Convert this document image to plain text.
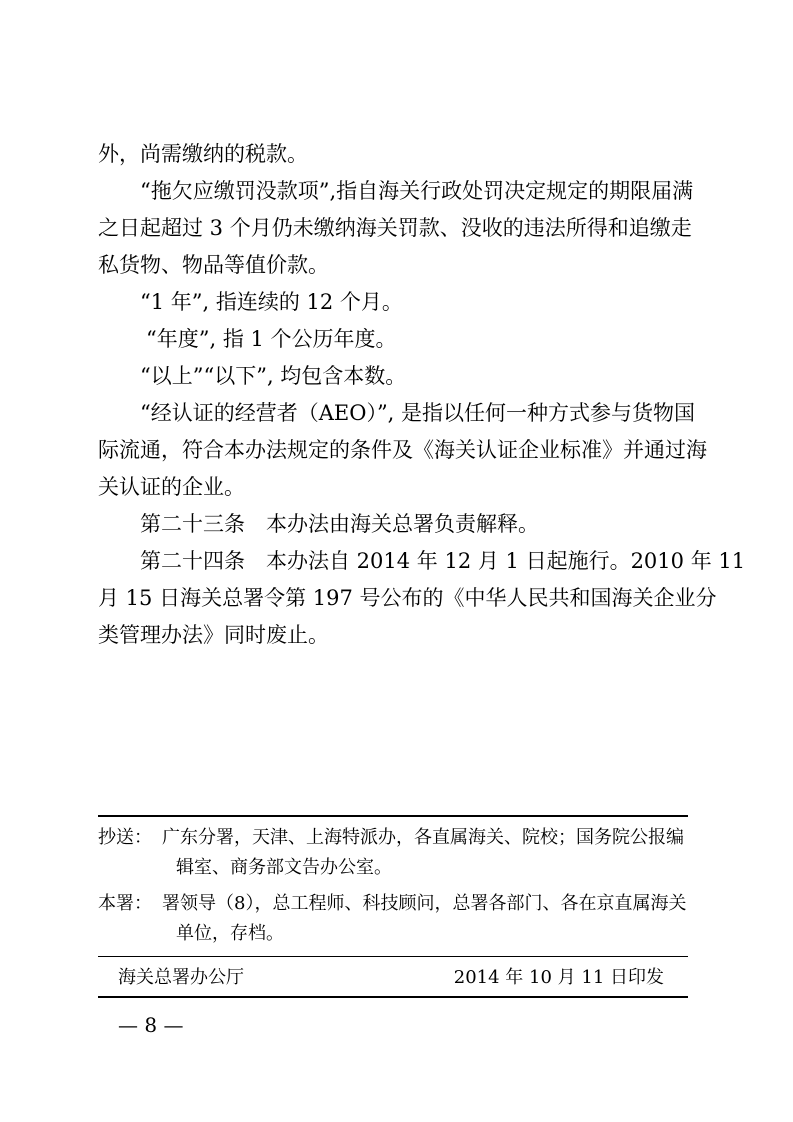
外，尚需缴纳的税款。
“拖欠应缴罚没款项”,指自海关行政处罚决定规定的期限届满
之日起超过 3 个月仍未缴纳海关罚款、没收的违法所得和追缴走
私货物、物品等值价款。
“1 年”, 指连续的 12 个月。
“年度”, 指 1 个公历年度。
“以上”“以下”, 均包含本数。
“经认证的经营者（AEO）”, 是指以任何一种方式参与货物国
际流通，符合本办法规定的条件及《海关认证企业标准》并通过海
关认证的企业。
第二十三条　本办法由海关总署负责解释。
第二十四条　本办法自 2014 年 12 月 1 日起施行。2010 年 11
月 15 日海关总署令第 197 号公布的《中华人民共和国海关企业分
类管理办法》同时废止。
抄送： 广东分署，天津、上海特派办，各直属海关、院校；国务院公报编
辑室、商务部文告办公室。
本署： 署领导（8），总工程师、科技顾问，总署各部门、各在京直属海关
单位，存档。
海关总署办公厅	2014 年 10 月 11 日印发
— 8 —
